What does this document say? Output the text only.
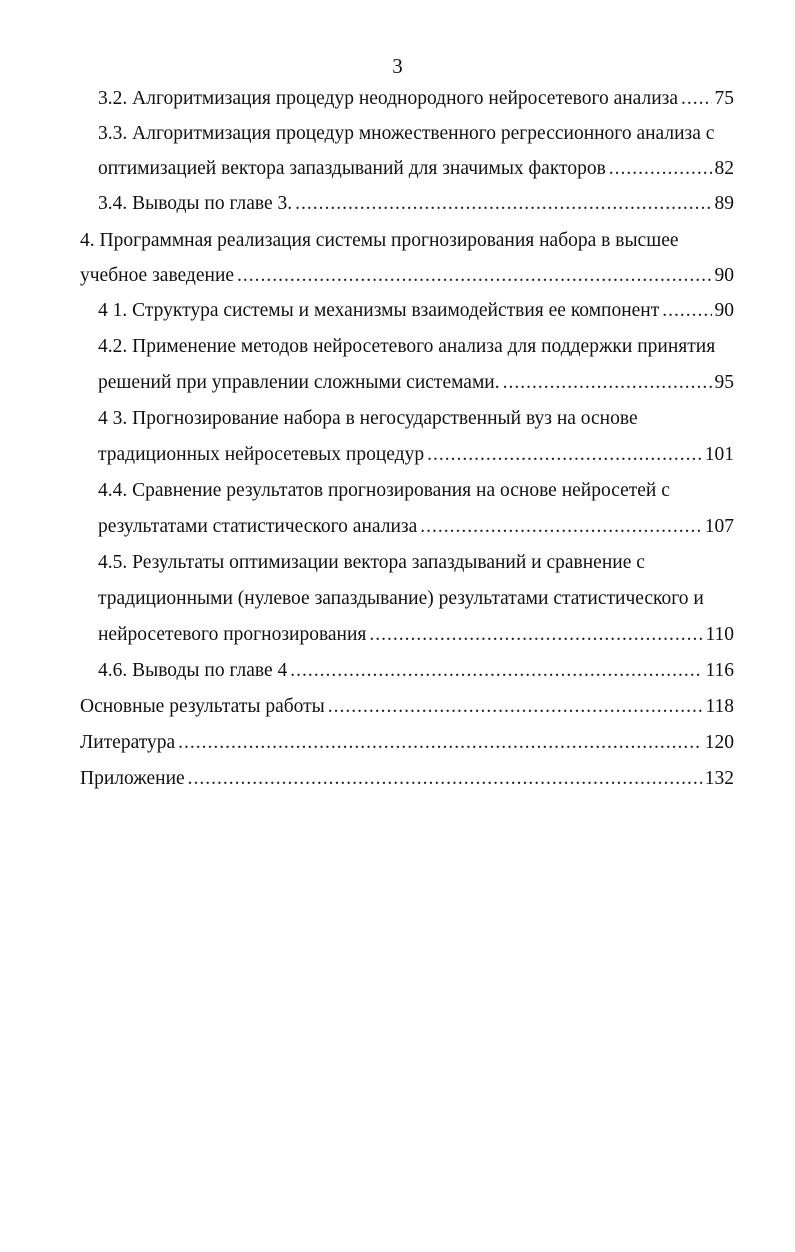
3
3.2. Алгоритмизация процедур неоднородного нейросетевого анализа ..... 75
3.3. Алгоритмизация процедур множественного регрессионного анализа с
оптимизацией вектора запаздываний для значимых факторов .....	82
3.4. Выводы по главе 3. .....	89
4. Программная реализация системы прогнозирования набора в высшее
учебное заведение .....	90
4 1. Структура системы и механизмы взаимодействия ее компонент .....	90
4.2. Применение методов нейросетевого анализа для поддержки принятия
решений при управлении сложными системами. .....	95
4 3. Прогнозирование набора в негосударственный вуз на основе
традиционных нейросетевых процедур .....	101
4.4. Сравнение результатов прогнозирования на основе нейросетей с
результатами статистического анализа .....	107
4.5. Результаты оптимизации вектора запаздываний и сравнение с
традиционными (нулевое запаздывание) результатами статистического и
нейросетевого прогнозирования .....	110
4.6. Выводы по главе 4 .....	116
Основные результаты работы .....	118
Литература .....	120
Приложение .....	132
